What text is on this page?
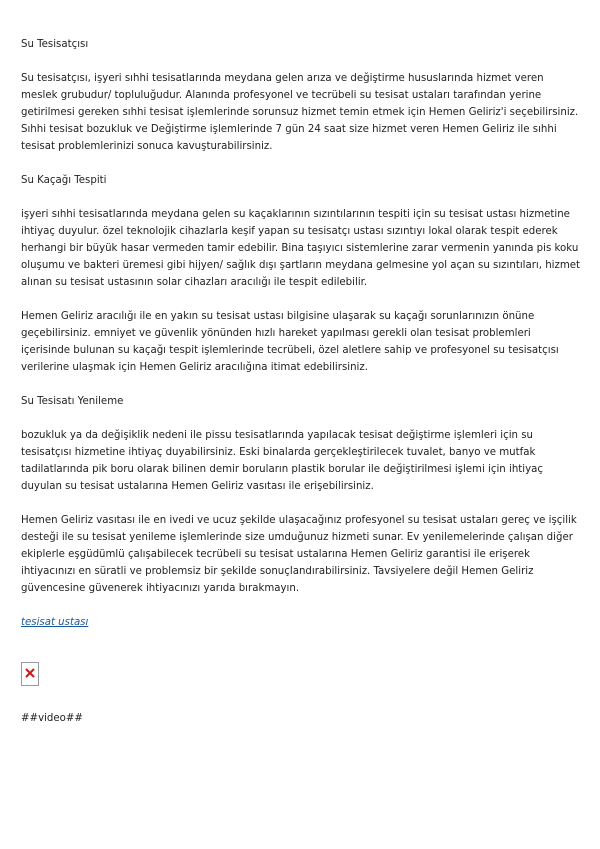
Su Tesisatçısı

Su tesisatçısı, işyeri sıhhi tesisatlarında meydana gelen arıza ve değiştirme hususlarında hizmet veren meslek grubudur/ topluluğudur. Alanında profesyonel ve tecrübeli su tesisat ustaları tarafından yerine getirilmesi gereken sıhhi tesisat işlemlerinde sorunsuz hizmet temin etmek için Hemen Geliriz'i seçebilirsiniz. Sıhhi tesisat bozukluk ve Değiştirme işlemlerinde 7 gün 24 saat size hizmet veren Hemen Geliriz ile sıhhi tesisat problemlerinizi sonuca kavuşturabilirsiniz.

Su Kaçağı Tespiti

işyeri sıhhi tesisatlarında meydana gelen su kaçaklarının sızıntılarının tespiti için su tesisat ustası hizmetine ihtiyaç duyulur. özel teknolojik cihazlarla keşif yapan su tesisatçı ustası sızıntıyı lokal olarak tespit ederek herhangi bir büyük hasar vermeden tamir edebilir. Bina taşıyıcı sistemlerine zarar vermenin yanında pis koku oluşumu ve bakteri üremesi gibi hijyen/ sağlık dışı şartların meydana gelmesine yol açan su sızıntıları, hizmet alınan su tesisat ustasının solar cihazları aracılığı ile tespit edilebilir.

Hemen Geliriz aracılığı ile en yakın su tesisat ustası bilgisine ulaşarak su kaçağı sorunlarınızın önüne geçebilirsiniz. emniyet ve güvenlik yönünden hızlı hareket yapılması gerekli olan tesisat problemleri içerisinde bulunan su kaçağı tespit işlemlerinde tecrübeli, özel aletlere sahip ve profesyonel su tesisatçısı verilerine ulaşmak için Hemen Geliriz aracılığına itimat edebilirsiniz.

Su Tesisatı Yenileme

bozukluk ya da değişiklik nedeni ile pissu tesisatlarında yapılacak tesisat değiştirme işlemleri için su tesisatçısı hizmetine ihtiyaç duyabilirsiniz. Eski binalarda gerçekleştirilecek tuvalet, banyo ve mutfak tadilatlarında pik boru olarak bilinen demir boruların plastik borular ile değiştirilmesi işlemi için ihtiyaç duyulan su tesisat ustalarına Hemen Geliriz vasıtası ile erişebilirsiniz.

Hemen Geliriz vasıtası ile en ivedi ve ucuz şekilde ulaşacağınız profesyonel su tesisat ustaları gereç ve işçilik desteği ile su tesisat yenileme işlemlerinde size umduğunuz hizmeti sunar. Ev yenilemelerinde çalışan diğer ekiplerle eşgüdümlü çalışabilecek tecrübeli su tesisat ustalarına Hemen Geliriz garantisi ile erişerek ihtiyacınızı en süratli ve problemsiz bir şekilde sonuçlandırabilirsiniz. Tavsiyelere değil Hemen Geliriz güvencesine güvenerek ihtiyacınızı yarıda bırakmayın.

tesisat ustası

##video##
